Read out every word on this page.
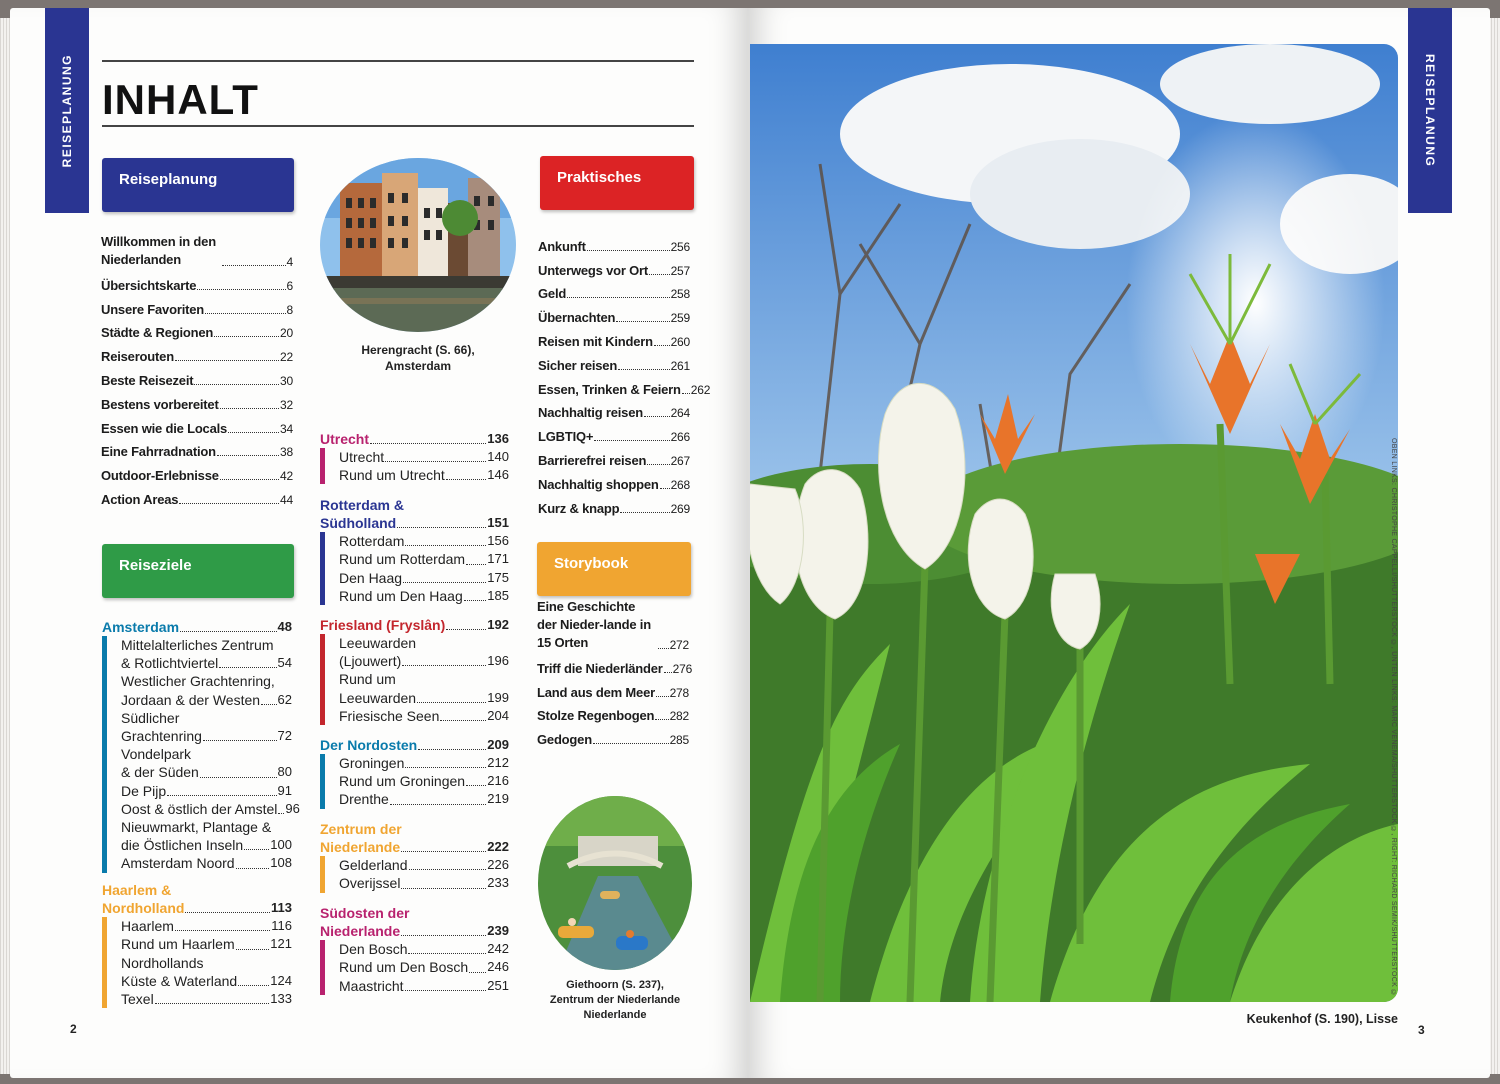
REISEPLANUNG INHALT
Reiseplanung
Willkommen in den Niederlanden	4
Übersichtskarte	6
Unsere Favoriten	8
Städte & Regionen	20
Reiserouten	22
Beste Reisezeit	30
Bestens vorbereitet	32
Essen wie die Locals	34
Eine Fahrradnation	38
Outdoor-Erlebnisse	42
Action Areas	44
Reiseziele
Amsterdam	48
Mittelalterliches Zentrum
& Rotlichtviertel	54
Westlicher Grachtenring,
Jordaan & der Westen 62
Südlicher
Grachtenring	72
Vondelpark
& der Süden	80
De Pijp	91
Oost & östlich der Amstel 96
Nieuwmarkt, Plantage &
die Östlichen Inseln 100
Amsterdam Noord	108
Haarlem &
Nordholland	113
Haarlem	116
Rund um Haarlem	121
Nordhollands
Küste & Waterland	124
Texel	133
Herengracht (S. 66),
Amsterdam
Utrecht	136
Utrecht	140
Rund um Utrecht	146
Rotterdam &
Südholland	151
Rotterdam	156
Rund um Rotterdam 171
Den Haag	175
Rund um Den Haag 185
Friesland (Fryslân)	192
Leeuwarden
(Ljouwert)	196
Rund um
Leeuwarden	199
Friesische Seen	204
Der Nordosten	209
Groningen	212
Rund um Groningen 216
Drenthe	219
Zentrum der
Niederlande	222
Gelderland	226
Overijssel	233
Südosten der
Niederlande	239
Den Bosch	242
Rund um Den Bosch 246
Maastricht	251
Praktisches
Ankunft	256
Unterwegs vor Ort 257
Geld	258
Übernachten	259
Reisen mit Kindern 260
Sicher reisen	261
Essen, Trinken & Feiern 262
Nachhaltig reisen 264
LGBTIQ+	266
Barrierefrei reisen 267
Nachhaltig shoppen 268
Kurz & knapp	269
Storybook
Eine Geschichte der Nieder-lande in 15 Orten	272
Triff die Niederländer 276
Land aus dem Meer 278
Stolze Regenbogen 282
Gedogen	285
Giethoorn (S. 237),
Zentrum der Niederlande
Niederlande
2
OBEN LINKS: CHRISTOPHE CAPPELLI/SHUTTERSTOCK ©, UNTEN LINKS: MARC VENEMA/SHUTTERSTOCK ©, RIGHT: RICHARD SEMIK/SHUTTERSTOCK ©
REISEPLANUNG
Keukenhof (S. 190), Lisse
3
